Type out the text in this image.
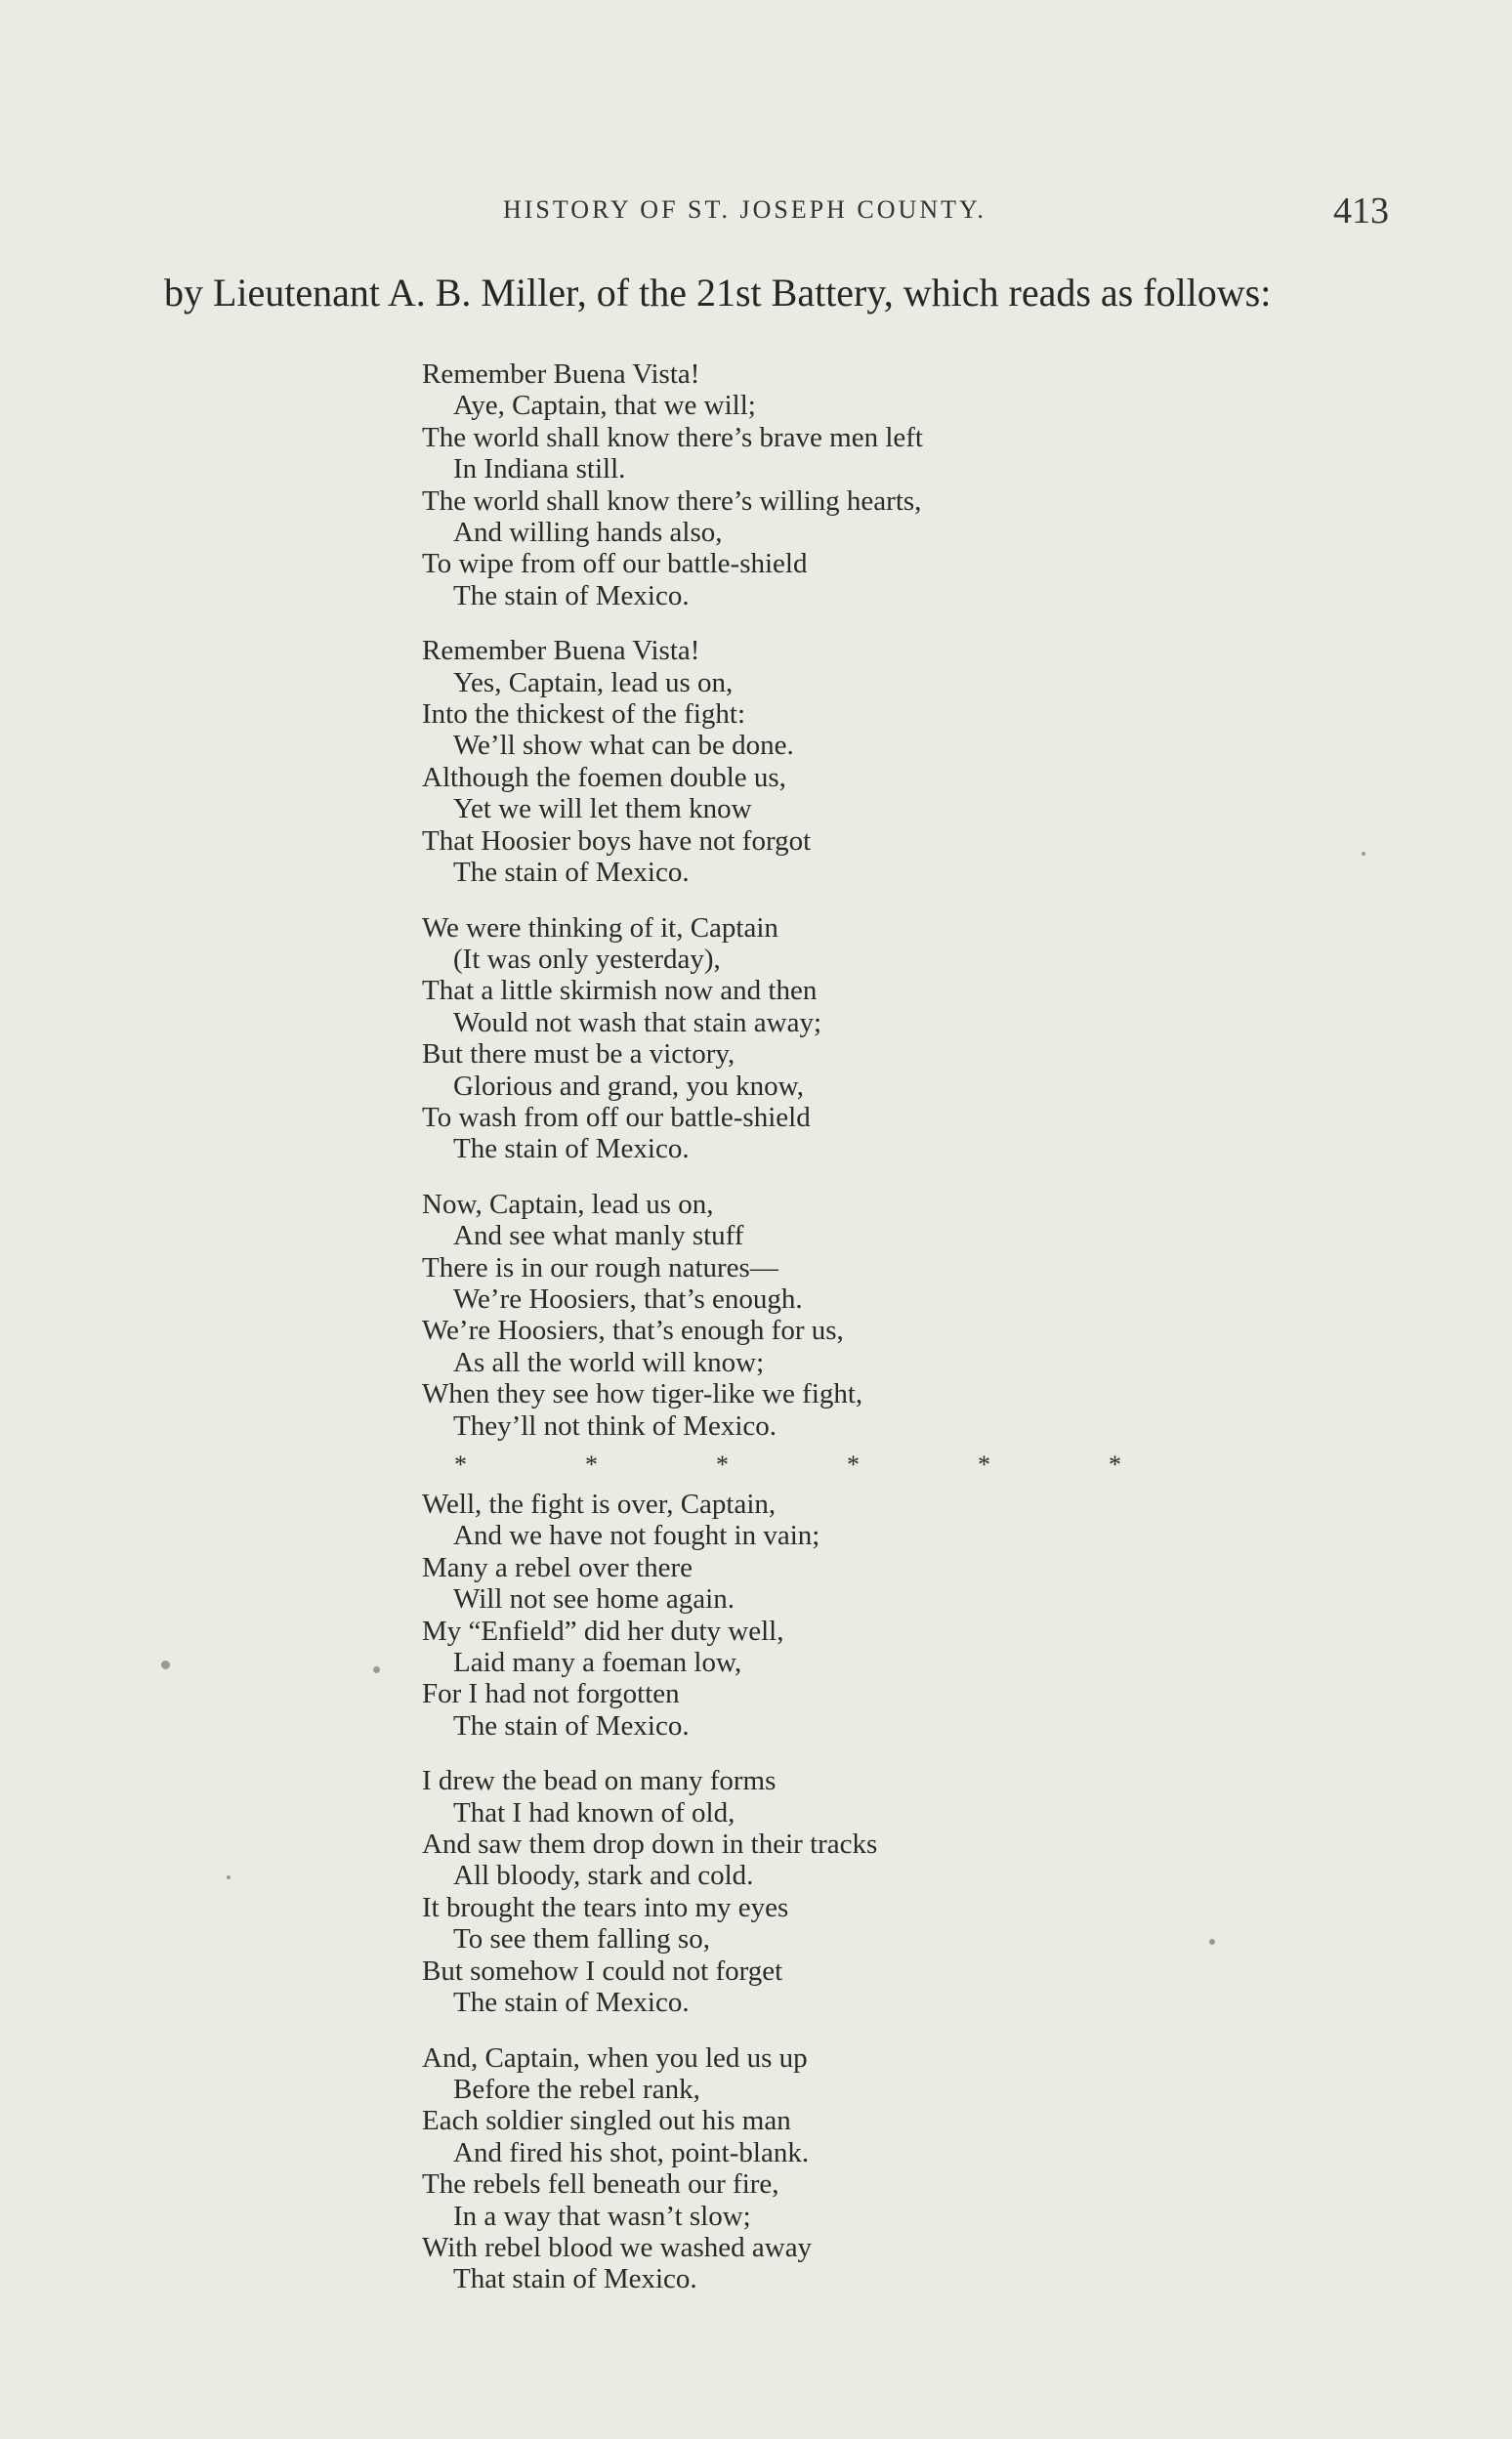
HISTORY OF ST. JOSEPH COUNTY.	413
by Lieutenant A. B. Miller, of the 21st Battery, which reads as follows:
Remember Buena Vista!
Aye, Captain, that we will;
The world shall know there’s brave men left
In Indiana still.
The world shall know there’s willing hearts,
And willing hands also,
To wipe from off our battle-shield
The stain of Mexico.
Remember Buena Vista!
Yes, Captain, lead us on,
Into the thickest of the fight:
We’ll show what can be done.
Although the foemen double us,
Yet we will let them know
That Hoosier boys have not forgot
The stain of Mexico.
We were thinking of it, Captain
(It was only yesterday),
That a little skirmish now and then
Would not wash that stain away;
But there must be a victory,
Glorious and grand, you know,
To wash from off our battle-shield
The stain of Mexico.
Now, Captain, lead us on,
And see what manly stuff
There is in our rough natures—
We’re Hoosiers, that’s enough.
We’re Hoosiers, that’s enough for us,
As all the world will know;
When they see how tiger-like we fight,
They’ll not think of Mexico.
*	*	*	*	*	*
Well, the fight is over, Captain,
And we have not fought in vain;
Many a rebel over there
Will not see home again.
My “Enfield” did her duty well,
Laid many a foeman low,
For I had not forgotten
The stain of Mexico.
I drew the bead on many forms
That I had known of old,
And saw them drop down in their tracks
All bloody, stark and cold.
It brought the tears into my eyes
To see them falling so,
But somehow I could not forget
The stain of Mexico.
And, Captain, when you led us up
Before the rebel rank,
Each soldier singled out his man
And fired his shot, point-blank.
The rebels fell beneath our fire,
In a way that wasn’t slow;
With rebel blood we washed away
That stain of Mexico.
